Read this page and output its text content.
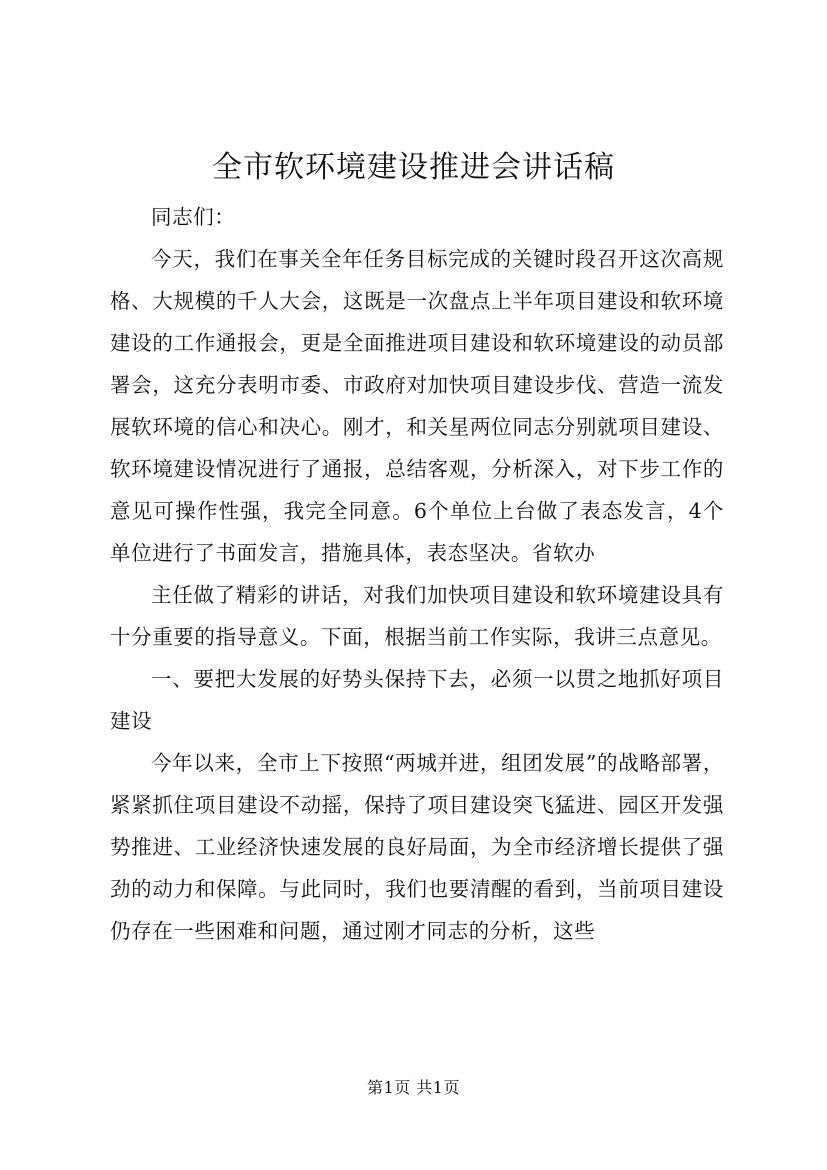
全市软环境建设推进会讲话稿

同志们：

今天，我们在事关全年任务目标完成的关键时段召开这次高规格、大规模的千人大会，这既是一次盘点上半年项目建设和软环境建设的工作通报会，更是全面推进项目建设和软环境建设的动员部署会，这充分表明市委、市政府对加快项目建设步伐、营造一流发展软环境的信心和决心。刚才，和关星两位同志分别就项目建设、软环境建设情况进行了通报，总结客观，分析深入，对下步工作的意见可操作性强，我完全同意。6个单位上台做了表态发言，4个单位进行了书面发言，措施具体，表态坚决。省软办

主任做了精彩的讲话，对我们加快项目建设和软环境建设具有十分重要的指导意义。下面，根据当前工作实际，我讲三点意见。

一、要把大发展的好势头保持下去，必须一以贯之地抓好项目建设

今年以来，全市上下按照“两城并进，组团发展”的战略部署，紧紧抓住项目建设不动摇，保持了项目建设突飞猛进、园区开发强势推进、工业经济快速发展的良好局面，为全市经济增长提供了强劲的动力和保障。与此同时，我们也要清醒的看到，当前项目建设仍存在一些困难和问题，通过刚才同志的分析，这些

第1页 共1页
